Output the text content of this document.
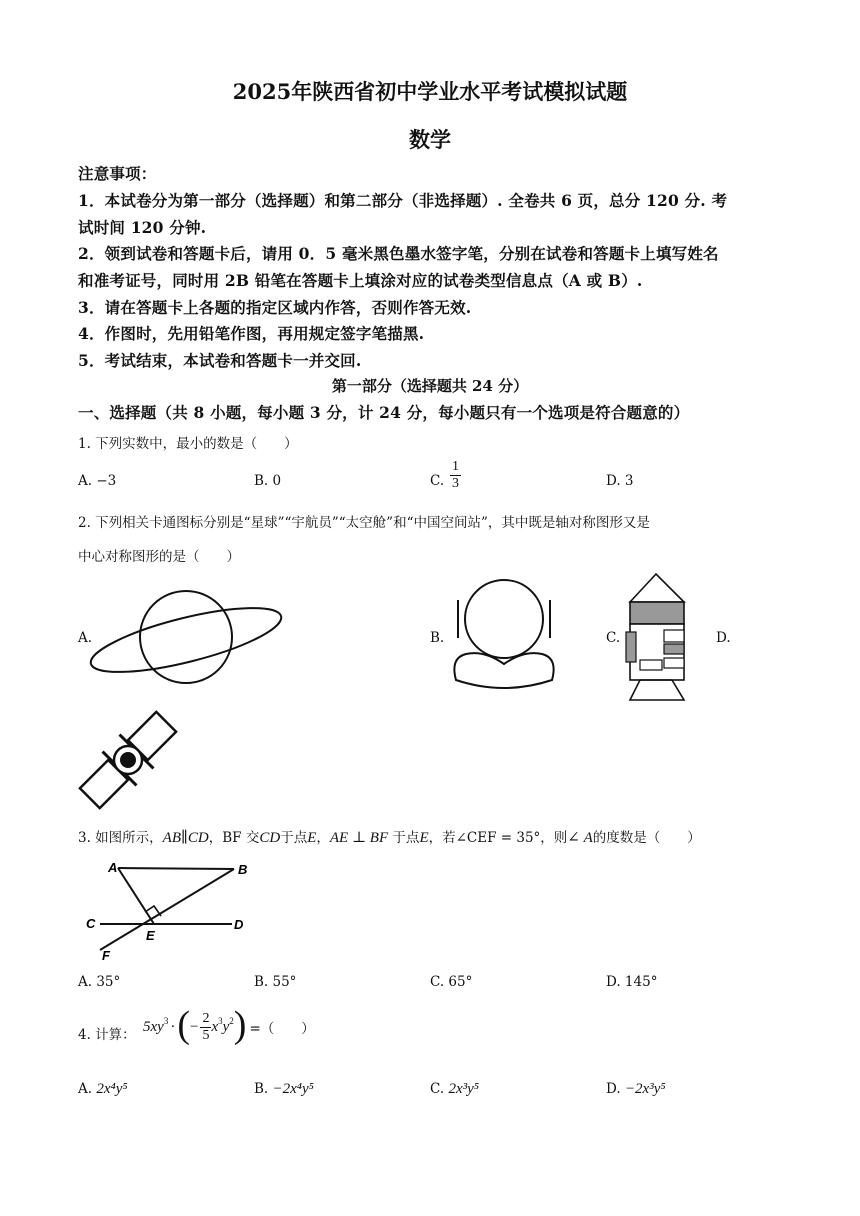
2025年陕西省初中学业水平考试模拟试题
数学
注意事项：
1．本试卷分为第一部分（选择题）和第二部分（非选择题）. 全卷共 6 页，总分 120 分. 考
试时间 120 分钟.
2．领到试卷和答题卡后，请用 0．5 毫米黑色墨水签字笔，分别在试卷和答题卡上填写姓名
和准考证号，同时用 2B 铅笔在答题卡上填涂对应的试卷类型信息点（A 或 B）.
3．请在答题卡上各题的指定区域内作答，否则作答无效.
4．作图时，先用铅笔作图，再用规定签字笔描黑.
5．考试结束，本试卷和答题卡一并交回.
第一部分（选择题共 24 分）
一、选择题（共 8 小题，每小题 3 分，计 24 分，每小题只有一个选项是符合题意的）
1. 下列实数中，最小的数是（　　）
A. −3	B. 0	C. $\frac{1}{3}$	D. 3
2. 下列相关卡通图标分别是“星球”“宇航员”“太空舱”和“中国空间站”，其中既是轴对称图形又是
中心对称图形的是（　　）
A.	B.	C.	D.
3. 如图所示，AB∥CD，BF 交CD于点E，AE ⊥ BF 于点E，若∠CEF = 35°，则∠ A的度数是（　　）
A	B
C	D
E
F
A. 35°	B. 55°	C. 65°	D. 145°
4. 计算：
$5xy^3$ · ( − $\frac{2}{5} x^3$ $y^2$ ) =（　　）
A. 2x⁴y⁵	B. −2x⁴y⁵	C. 2x³y⁵	D. −2x³y⁵
